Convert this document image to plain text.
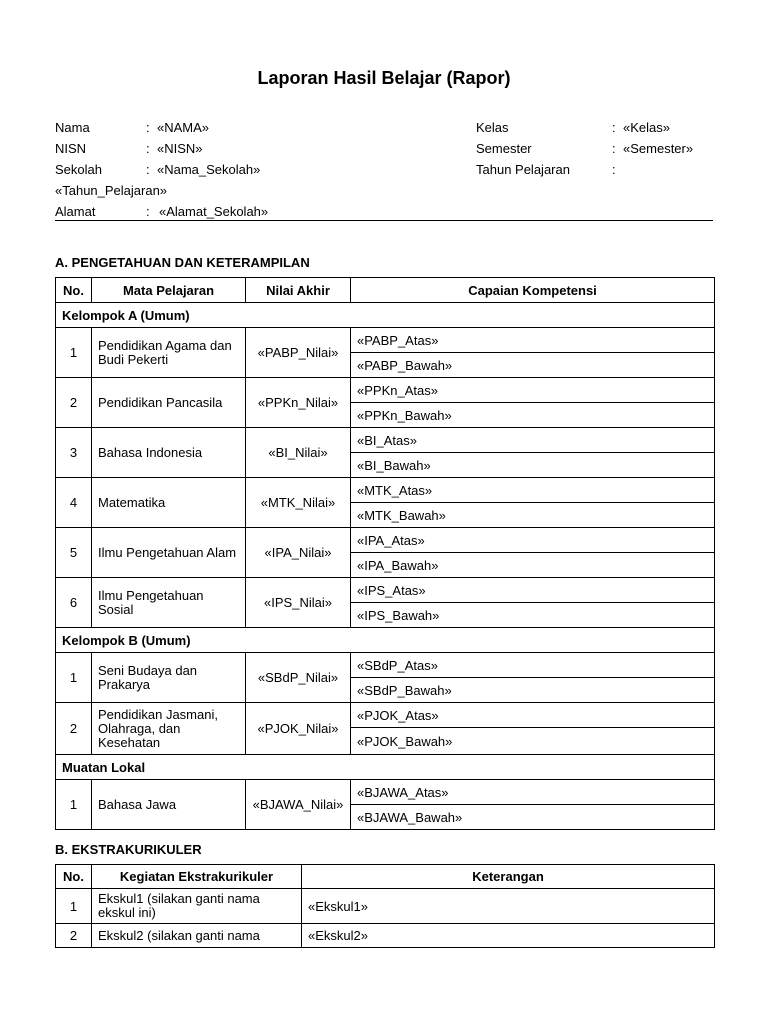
Laporan Hasil Belajar (Rapor)
Nama	: «NAMA»
NISN	: «NISN»
Sekolah	: «Nama_Sekolah»
«Tahun_Pelajaran»
Alamat	: «Alamat_Sekolah»
Kelas	: «Kelas»
Semester	: «Semester»
Tahun Pelajaran	:
A. PENGETAHUAN DAN KETERAMPILAN
No.	Mata Pelajaran	Nilai Akhir	Capaian Kompetensi
Kelompok A (Umum)			
1	Pendidikan Agama dan Budi Pekerti	«PABP_Nilai»	«PABP_Atas»
			«PABP_Bawah»
2	Pendidikan Pancasila	«PPKn_Nilai»	«PPKn_Atas»
			«PPKn_Bawah»
3	Bahasa Indonesia	«BI_Nilai»	«BI_Atas»
			«BI_Bawah»
4	Matematika	«MTK_Nilai»	«MTK_Atas»
			«MTK_Bawah»
5	Ilmu Pengetahuan Alam	«IPA_Nilai»	«IPA_Atas»
			«IPA_Bawah»
6	Ilmu Pengetahuan Sosial	«IPS_Nilai»	«IPS_Atas»
			«IPS_Bawah»
Kelompok B (Umum)			
1	Seni Budaya dan Prakarya	«SBdP_Nilai»	«SBdP_Atas»
			«SBdP_Bawah»
2	Pendidikan Jasmani, Olahraga, dan Kesehatan	«PJOK_Nilai»	«PJOK_Atas»
			«PJOK_Bawah»
Muatan Lokal			
1	Bahasa Jawa	«BJAWA_Nilai»	«BJAWA_Atas»
			«BJAWA_Bawah»
B. EKSTRAKURIKULER
No.	Kegiatan Ekstrakurikuler	Keterangan
1	Ekskul1 (silakan ganti nama ekskul ini)	«Ekskul1»
2	Ekskul2 (silakan ganti nama	«Ekskul2»
